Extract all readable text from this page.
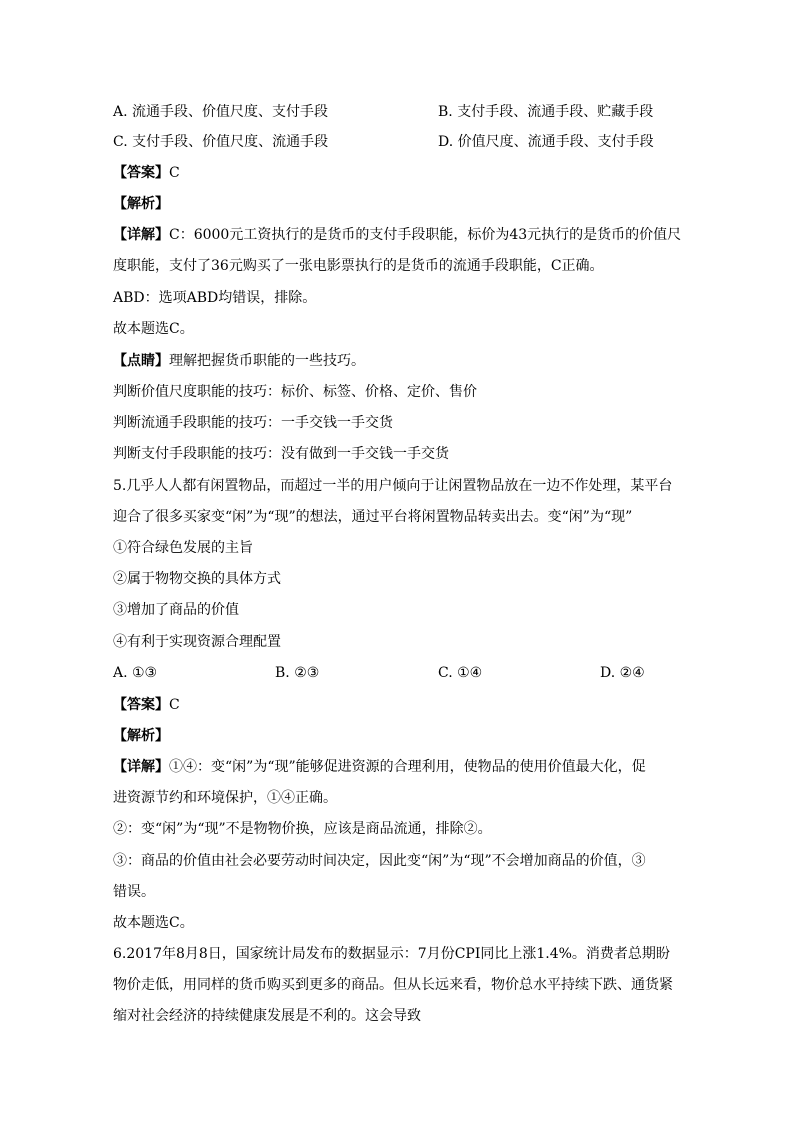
A. 流通手段、价值尺度、支付手段	B. 支付手段、流通手段、贮藏手段
C. 支付手段、价值尺度、流通手段	D. 价值尺度、流通手段、支付手段
【答案】C
【解析】
【详解】C：6000元工资执行的是货币的支付手段职能，标价为43元执行的是货币的价值尺
度职能，支付了36元购买了一张电影票执行的是货币的流通手段职能，C正确。
ABD：选项ABD均错误，排除。
故本题选C。
【点睛】理解把握货币职能的一些技巧。
判断价值尺度职能的技巧：标价、标签、价格、定价、售价
判断流通手段职能的技巧：一手交钱一手交货
判断支付手段职能的技巧：没有做到一手交钱一手交货
5.几乎人人都有闲置物品，而超过一半的用户倾向于让闲置物品放在一边不作处理，某平台
迎合了很多买家变“闲”为“现”的想法，通过平台将闲置物品转卖出去。变“闲”为“现”
①符合绿色发展的主旨
②属于物物交换的具体方式
③增加了商品的价值
④有利于实现资源合理配置
A. ①③	B. ②③	C. ①④	D. ②④
【答案】C
【解析】
【详解】①④：变“闲”为“现”能够促进资源的合理利用，使物品的使用价值最大化，促
进资源节约和环境保护，①④正确。
②：变“闲”为“现”不是物物价换，应该是商品流通，排除②。
③：商品的价值由社会必要劳动时间决定，因此变“闲”为“现”不会增加商品的价值，③
错误。
故本题选C。
6.2017年8月8日，国家统计局发布的数据显示：7月份CPI同比上涨1.4%。消费者总期盼
物价走低，用同样的货币购买到更多的商品。但从长远来看，物价总水平持续下跌、通货紧
缩对社会经济的持续健康发展是不利的。这会导致
